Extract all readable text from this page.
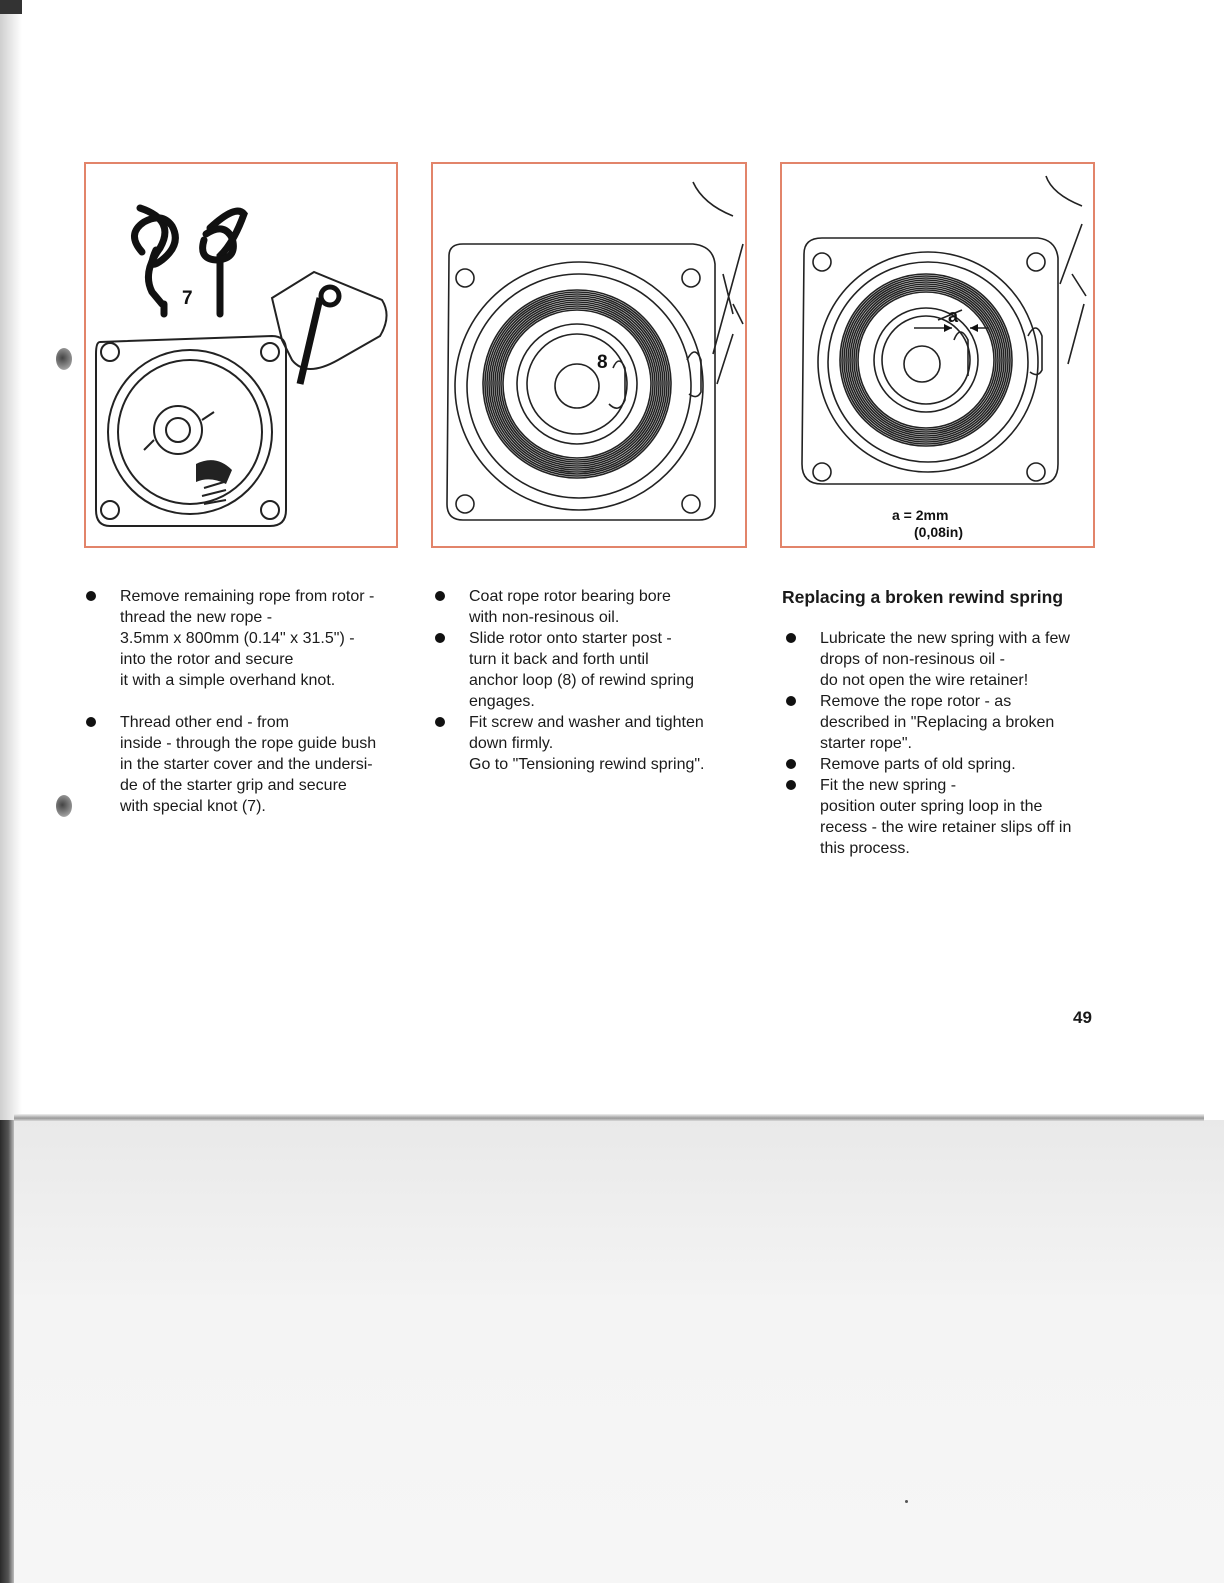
7
8
a
a = 2mm
(0,08in)
Remove remaining rope from rotor -
thread the new rope -
3.5mm x 800mm (0.14" x 31.5") -
into the rotor and secure
it with a simple overhand knot.
Thread other end - from
inside - through the rope guide bush
in the starter cover and the undersi-
de of the starter grip and secure
with special knot (7).
Coat rope rotor bearing bore
with non-resinous oil.
Slide rotor onto starter post -
turn it back and forth until
anchor loop (8) of rewind spring
engages.
Fit screw and washer and tighten
down firmly.
Go to "Tensioning rewind spring".
Replacing a broken rewind spring
Lubricate the new spring with a few
drops of non-resinous oil -
do not open the wire retainer!
Remove the rope rotor - as
described in "Replacing a broken
starter rope".
Remove parts of old spring.
Fit the new spring -
position outer spring loop in the
recess - the wire retainer slips off in
this process.
49
